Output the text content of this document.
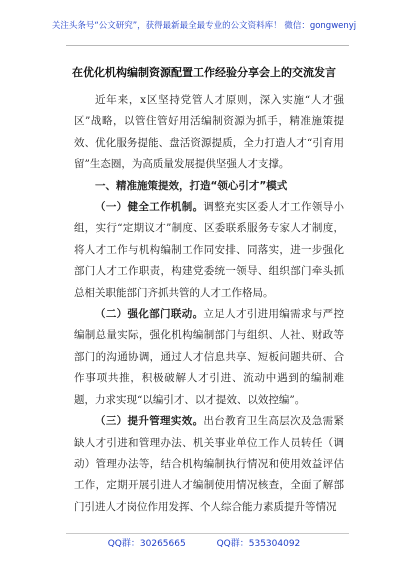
关注头条号“公文研究”，获得最新最全最专业的公文资料库！ 微信：gongwenyj
在优化机构编制资源配置工作经验分享会上的交流发言

近年来，x区坚持党管人才原则，深入实施“人才强区”战略，以管住管好用活编制资源为抓手，精准施策提效、优化服务提能、盘活资源提质，全力打造人才“引育用留”生态圈，为高质量发展提供坚强人才支撑。

一、精准施策提效，打造“领心引才”模式

（一）健全工作机制。调整充实区委人才工作领导小组，实行“定期议才”制度、区委联系服务专家人才制度，将人才工作与机构编制工作同安排、同落实，进一步强化部门人才工作职责，构建党委统一领导、组织部门牵头抓总相关职能部门齐抓共管的人才工作格局。

（二）强化部门联动。立足人才引进用编需求与严控编制总量实际，强化机构编制部门与组织、人社、财政等部门的沟通协调，通过人才信息共享、短板问题共研、合作事项共推，积极破解人才引进、流动中遇到的编制难题，力求实现“以编引才、以才提效、以效控编”。

（三）提升管理实效。出台教育卫生高层次及急需紧缺人才引进和管理办法、机关事业单位工作人员转任（调动）管理办法等，结合机构编制执行情况和使用效益评估工作，定期开展引进人才编制使用情况核查，全面了解部门引进人才岗位作用发挥、个人综合能力素质提升等情况

QQ群：30265665	QQ群：535304092
